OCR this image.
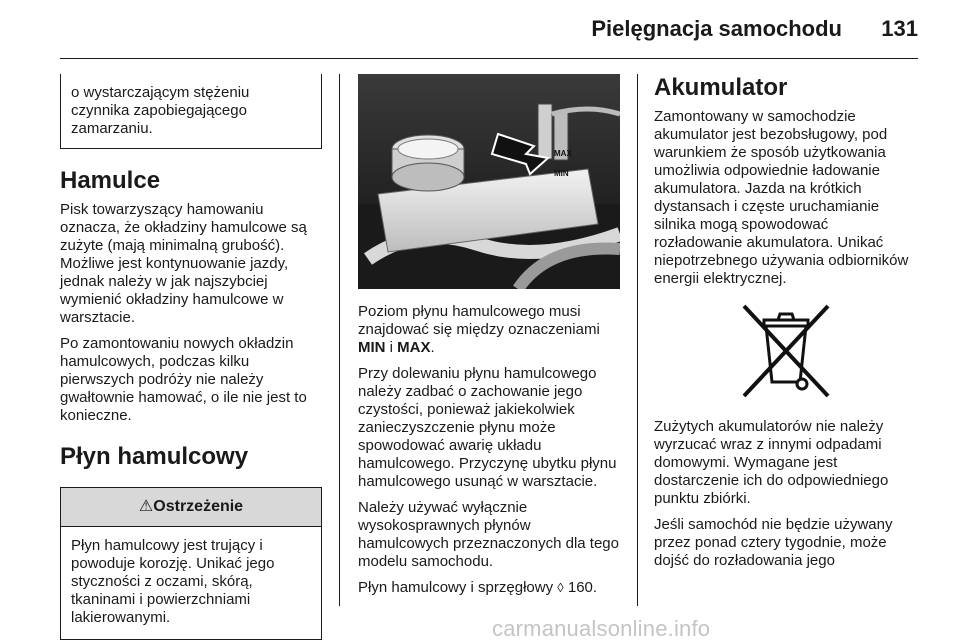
Pielęgnacja samochodu 131

o wystarczającym stężeniu czynnika zapobiegającego zamarzaniu.

Hamulce

Pisk towarzyszący hamowaniu oznacza, że okładziny hamulcowe są zużyte (mają minimalną grubość). Możliwe jest kontynuowanie jazdy, jednak należy w jak najszybciej wymienić okładziny hamulcowe w warsztacie.

Po zamontowaniu nowych okładzin hamulcowych, podczas kilku pierwszych podróży nie należy gwałtownie hamować, o ile nie jest to konieczne.

Płyn hamulcowy
⚠Ostrzeżenie

Płyn hamulcowy jest trujący i powoduje korozję. Unikać jego styczności z oczami, skórą, tkaninami i powierzchniami lakierowanymi.

MAX
MIN

Poziom płynu hamulcowego musi znajdować się między oznaczeniami MIN i MAX.

Przy dolewaniu płynu hamulcowego należy zadbać o zachowanie jego czystości, ponieważ jakiekolwiek zanieczyszczenie płynu może spowodować awarię układu hamulcowego. Przyczynę ubytku płynu hamulcowego usunąć w warsztacie.

Należy używać wyłącznie wysokosprawnych płynów hamulcowych przeznaczonych dla tego modelu samochodu.

Płyn hamulcowy i sprzęgłowy ◊ 160.

Akumulator

Zamontowany w samochodzie akumulator jest bezobsługowy, pod warunkiem że sposób użytkowania umożliwia odpowiednie ładowanie akumulatora. Jazda na krótkich dystansach i częste uruchamianie silnika mogą spowodować rozładowanie akumulatora. Unikać niepotrzebnego używania odbiorników energii elektrycznej.

Zużytych akumulatorów nie należy wyrzucać wraz z innymi odpadami domowymi. Wymagane jest dostarczenie ich do odpowiedniego punktu zbiórki.

Jeśli samochód nie będzie używany przez ponad cztery tygodnie, może dojść do rozładowania jego

carmanualsonline.info
